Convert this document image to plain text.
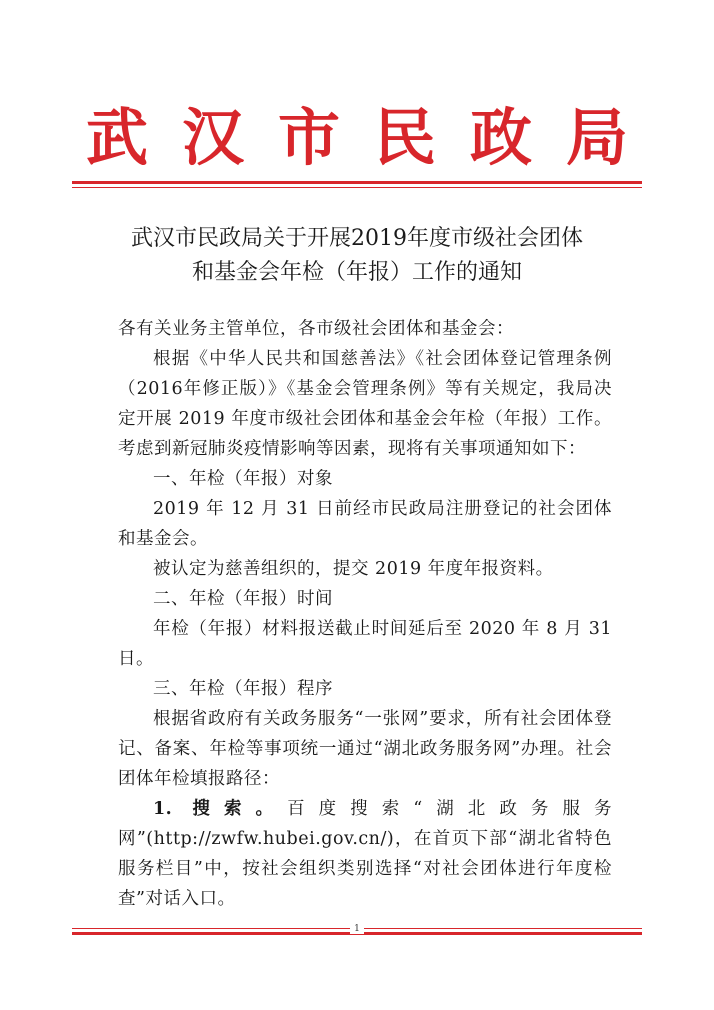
武汉市民政局
武汉市民政局关于开展2019年度市级社会团体
和基金会年检（年报）工作的通知

各有关业务主管单位，各市级社会团体和基金会：

根据《中华人民共和国慈善法》《社会团体登记管理条例（2016年修正版）》《基金会管理条例》等有关规定，我局决定开展 2019 年度市级社会团体和基金会年检（年报）工作。考虑到新冠肺炎疫情影响等因素，现将有关事项通知如下：

一、年检（年报）对象

2019 年 12 月 31 日前经市民政局注册登记的社会团体和基金会。

被认定为慈善组织的，提交 2019 年度年报资料。

二、年检（年报）时间

年检（年报）材料报送截止时间延后至 2020 年 8 月 31 日。

三、年检（年报）程序

根据省政府有关政务服务“一张网”要求，所有社会团体登记、备案、年检等事项统一通过“湖北政务服务网”办理。社会团体年检填报路径：

1. 搜索。百度搜索“湖北政务服务网”(http://zwfw.hubei.gov.cn/)，在首页下部“湖北省特色服务栏目”中，按社会组织类别选择“对社会团体进行年度检查”对话入口。

1
